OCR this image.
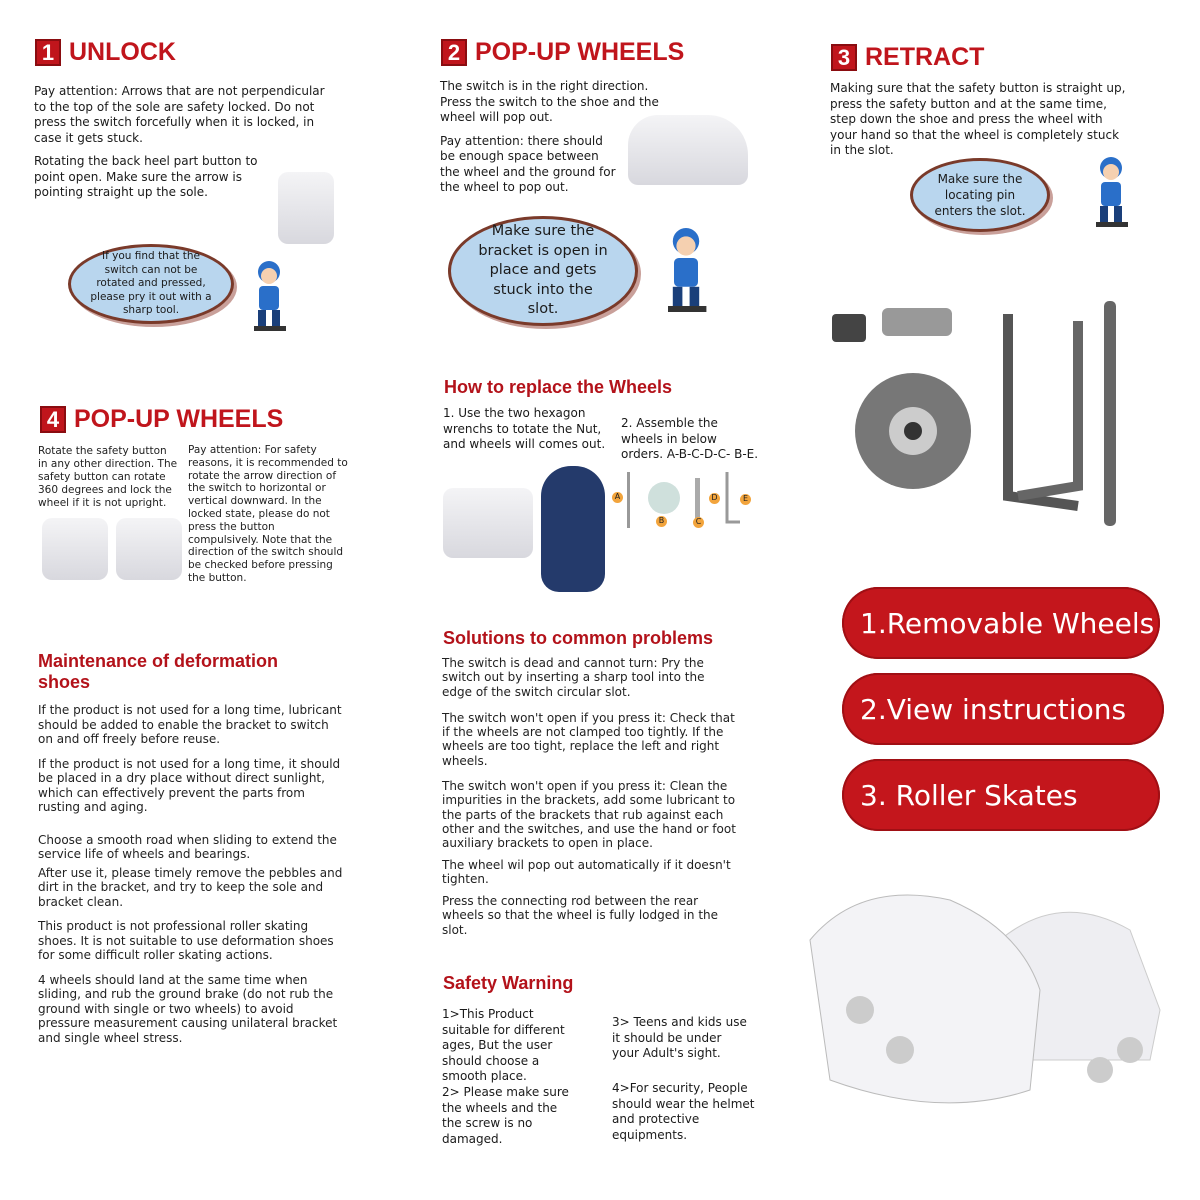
1 UNLOCK
Pay attention: Arrows that are not perpendicular to the top of the sole are safety locked. Do not press the switch forcefully when it is locked, in case it gets stuck.
Rotating the back heel part button to point open. Make sure the arrow is pointing straight up the sole.
If you find that the switch can not be rotated and pressed, please pry it out with a sharp tool.
2 POP-UP WHEELS
The switch is in the right direction. Press the switch to the shoe and the wheel will pop out.
Pay attention: there should be enough space between the wheel and the ground for the wheel to pop out.
Make sure the bracket is open in place and gets stuck into the slot.
3 RETRACT
Making sure that the safety button is straight up, press the safety button and at the same time, step down the shoe and press the wheel with your hand so that the wheel is completely stuck in the slot.
Make sure the locating pin enters the slot.
4 POP-UP WHEELS
Rotate the safety button in any other direction. The safety button can rotate 360 degrees and lock the wheel if it is not upright.
Pay attention: For safety reasons, it is recommended to rotate the arrow direction of the switch to horizontal or vertical downward. In the locked state, please do not press the button compulsively. Note that the direction of the switch should be checked before pressing the button.
How to replace the Wheels
1. Use the two hexagon wrenchs to totate the Nut, and wheels will comes out.
2. Assemble the wheels in below orders. A-B-C-D-C- B-E.
A
B	C
D	E
Maintenance of deformation shoes
If the product is not used for a long time, lubricant should be added to enable the bracket to switch on and off freely before reuse.
If the product is not used for a long time, it should be placed in a dry place without direct sunlight, which can effectively prevent the parts from rusting and aging.
Choose a smooth road when sliding to extend the service life of wheels and bearings.
After use it, please timely remove the pebbles and dirt in the bracket, and try to keep the sole and bracket clean.
This product is not professional roller skating shoes. It is not suitable to use deformation shoes for some difficult roller skating actions.
4 wheels should land at the same time when sliding, and rub the ground brake (do not rub the ground with single or two wheels) to avoid pressure measurement causing unilateral bracket and single wheel stress.
Solutions to common problems
The switch is dead and cannot turn: Pry the switch out by inserting a sharp tool into the edge of the switch circular slot.
The switch won't open if you press it: Check that if the wheels are not clamped too tightly. If the wheels are too tight, replace the left and right wheels.
The switch won't open if you press it: Clean the impurities in the brackets, add some lubricant to the parts of the brackets that rub against each other and the switches, and use the hand or foot auxiliary brackets to open in place.
The wheel wil pop out automatically if it doesn't tighten.
Press the connecting rod between the rear wheels so that the wheel is fully lodged in the slot.
Safety Warning
1>This Product suitable for different ages, But the user should choose a smooth place.
2> Please make sure the wheels and the the screw is no damaged.
3> Teens and kids use it should be under your Adult's sight.
4>For security, People should wear the helmet and protective equipments.
1.Removable Wheels
2.View instructions
3. Roller Skates
